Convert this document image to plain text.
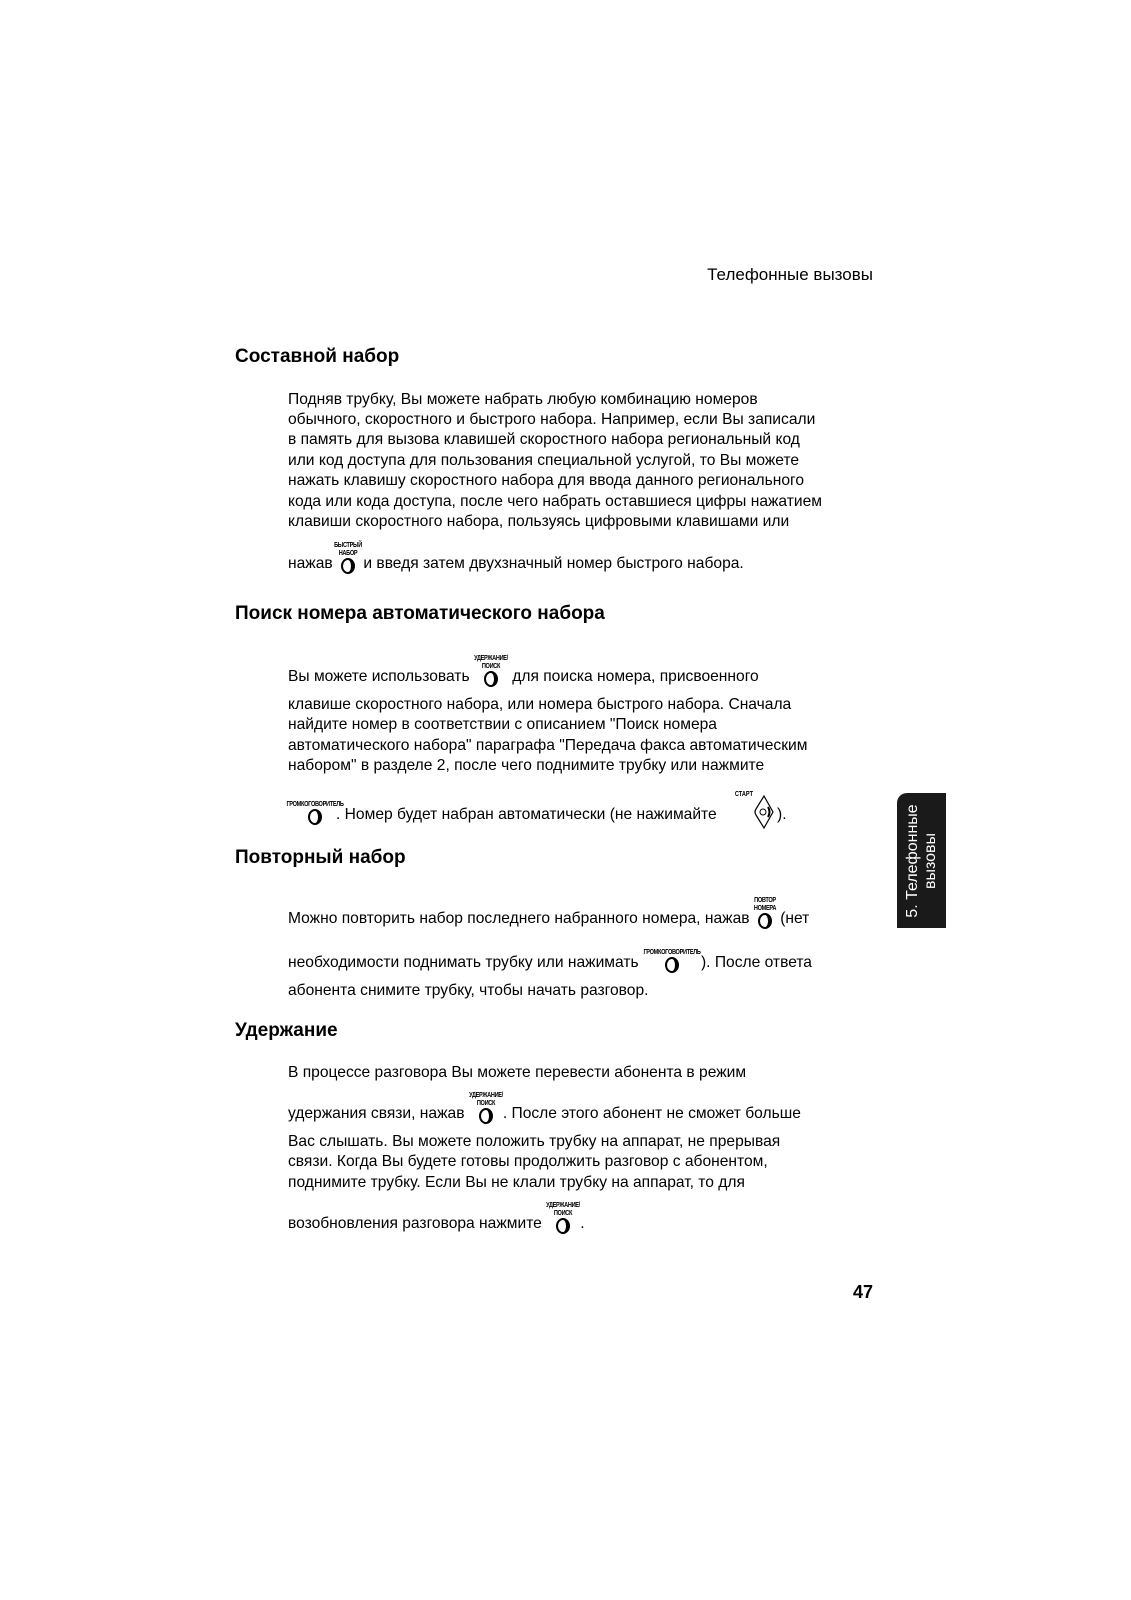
Телефонные вызовы
Составной набор
Подняв трубку, Вы можете набрать любую комбинацию номеров
обычного, скоростного и быстрого набора. Например, если Вы записали
в память для вызова клавишей скоростного набора региональный код
или код доступа для пользования специальной услугой, то Вы можете
нажать клавишу скоростного набора для ввода данного регионального
кода или кода доступа, после чего набрать оставшиеся цифры нажатием
клавиши скоростного набора, пользуясь цифровыми клавишами или
нажав
БЫСТРЫЙ НАБОР
и введя затем двухзначный номер быстрого набора.
Поиск номера автоматического набора
Вы можете использовать
УДЕРЖАНИЕ/ ПОИСК
для поиска номера, присвоенного
клавише скоростного набора, или номера быстрого набора. Сначала
найдите номер в соответствии с описанием "Поиск номера
автоматического набора" параграфа "Передача факса автоматическим
набором" в разделе 2, после чего поднимите трубку или нажмите
ГРОМКОГОВОРИТЕЛЬ
. Номер будет набран автоматически (не нажимайте
СТАРТ
).
Повторный набор
Можно повторить набор последнего набранного номера, нажав
ПОВТОР НОМЕРА
(нет
необходимости поднимать трубку или нажимать
ГРОМКОГОВОРИТЕЛЬ
). После ответа
абонента снимите трубку, чтобы начать разговор.
Удержание
В процессе разговора Вы можете перевести абонента в режим
удержания связи, нажав
УДЕРЖАНИЕ/ ПОИСК
. После этого абонент не сможет больше
Вас слышать. Вы можете положить трубку на аппарат, не прерывая
связи. Когда Вы будете готовы продолжить разговор с абонентом,
поднимите трубку. Если Вы не клали трубку на аппарат, то для
возобновления разговора нажмите
УДЕРЖАНИЕ/ ПОИСК
.
5. Телефонные вызовы
47
